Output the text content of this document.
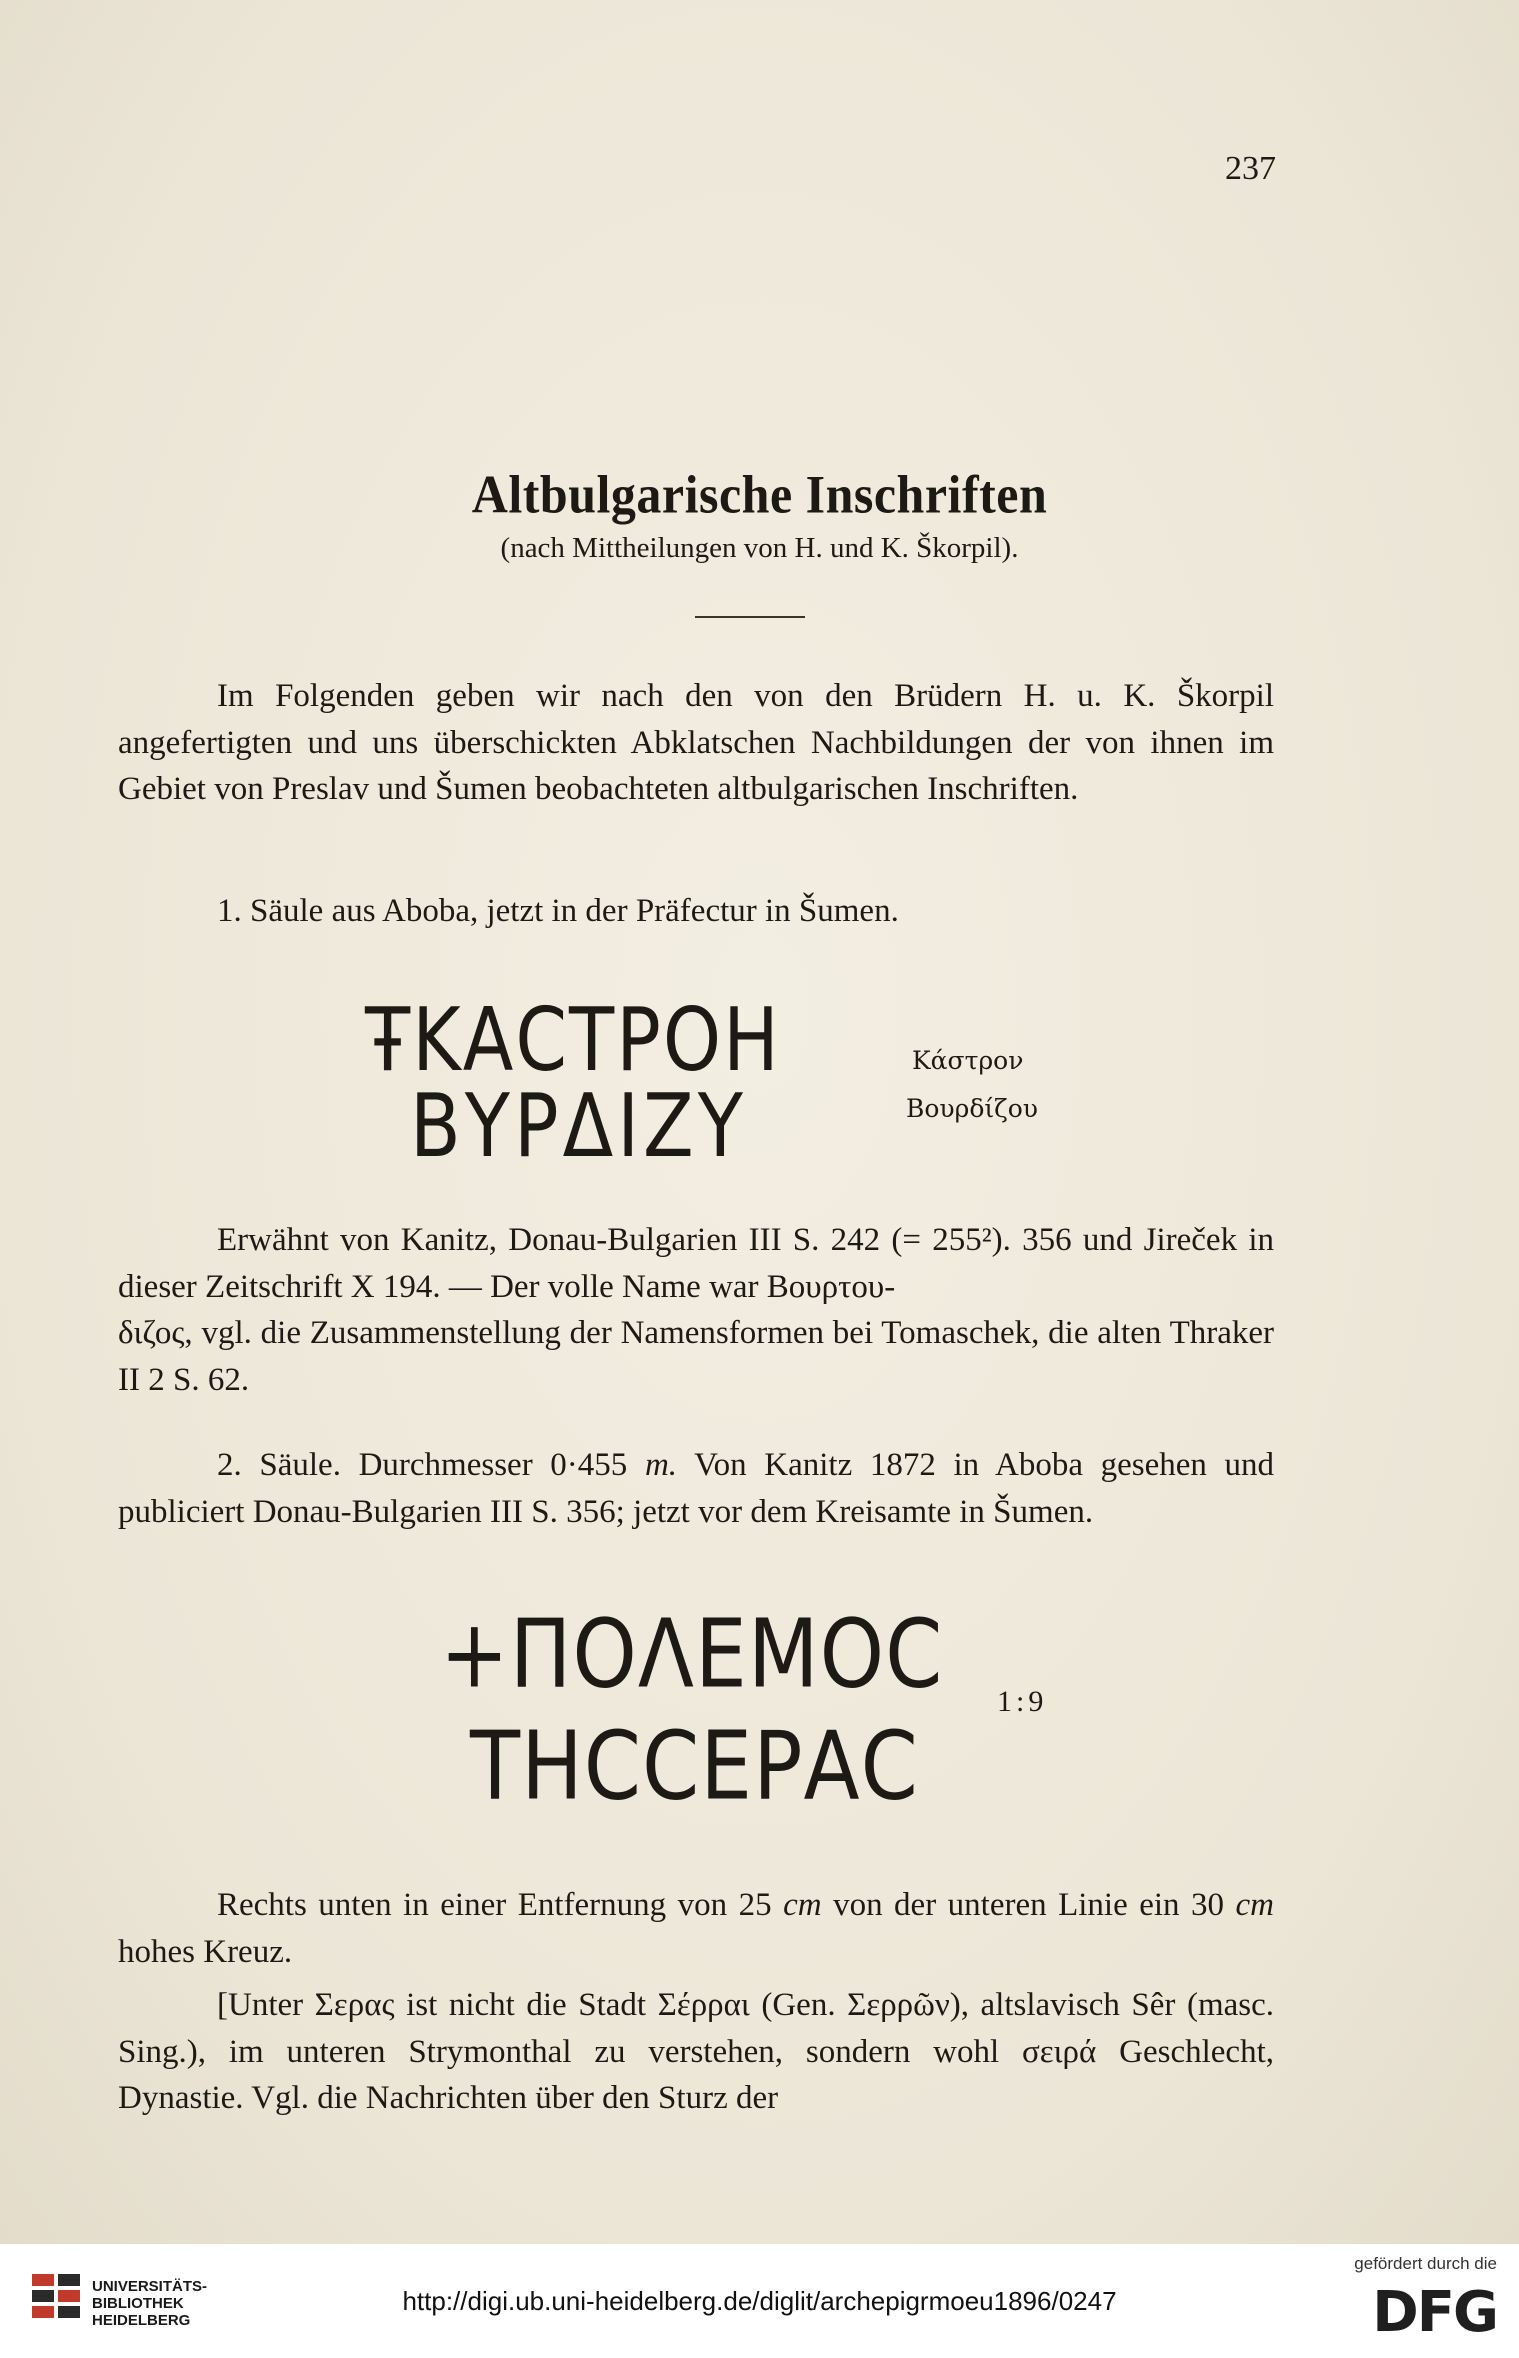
237
Altbulgarische Inschriften
(nach Mittheilungen von H. und K. Škorpil).
Im Folgenden geben wir nach den von den Brüdern H. u. K. Škorpil angefertigten und uns überschickten Abklatschen Nachbildungen der von ihnen im Gebiet von Preslav und Šumen beobachteten altbulgarischen Inschriften.
1. Säule aus Aboba, jetzt in der Präfectur in Šumen.
ŦΚΑϹΤΡΟΗ
ΒΥΡΔΙΖΥ
Κάστρον
Βουρδίζου
Erwähnt von Kanitz, Donau-Bulgarien III S. 242 (= 255²). 356 und Jireček in dieser Zeitschrift X 194. — Der volle Name war Βουρτου-
διζος, vgl. die Zusammenstellung der Namensformen bei Tomaschek, die alten Thraker II 2 S. 62.
2. Säule. Durchmesser 0·455 m. Von Kanitz 1872 in Aboba gesehen und publiciert Donau-Bulgarien III S. 356; jetzt vor dem Kreisamte in Šumen.
+ΠΟΛΕΜΟϹ
ΤΗϹϹΕΡΑϹ
1:9
Rechts unten in einer Entfernung von 25 cm von der unteren Linie ein 30 cm hohes Kreuz.
[Unter Σερας ist nicht die Stadt Σέρραι (Gen. Σερρῶν), altslavisch Sêr (masc. Sing.), im unteren Strymonthal zu verstehen, sondern wohl σειρά Geschlecht, Dynastie. Vgl. die Nachrichten über den Sturz der
UNIVERSITÄTS-
BIBLIOTHEK
HEIDELBERG
http://digi.ub.uni-heidelberg.de/diglit/archepigrmoeu1896/0247
gefördert durch die
DFG
